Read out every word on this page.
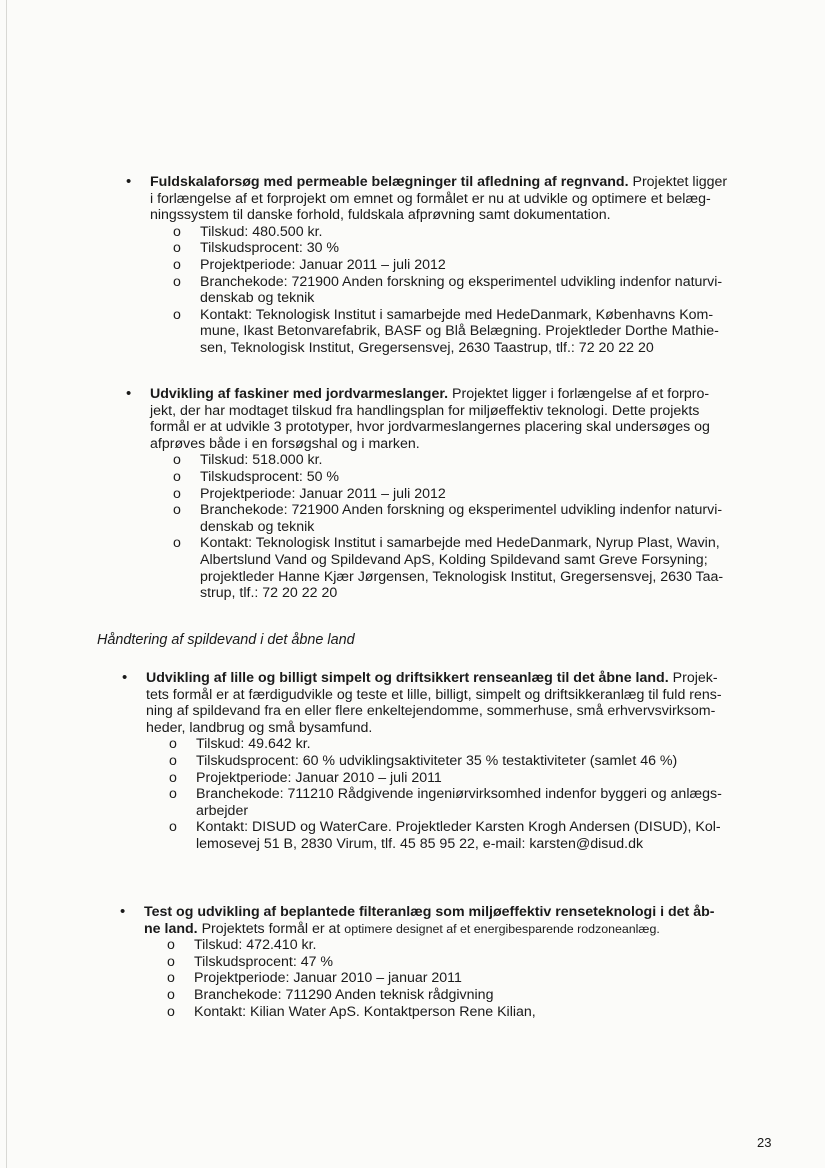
• Fuldskalaforsøg med permeable belægninger til afledning af regnvand. Projektet ligger
i forlængelse af et forprojekt om emnet og formålet er nu at udvikle og optimere et belæg-
ningssystem til danske forhold, fuldskala afprøvning samt dokumentation.

o Tilskud: 480.500 kr.
o Tilskudsprocent: 30 %
o Projektperiode: Januar 2011 – juli 2012
o Branchekode: 721900 Anden forskning og eksperimentel udvikling indenfor naturvi-
denskab og teknik
o Kontakt: Teknologisk Institut i samarbejde med HedeDanmark, Københavns Kom-
mune, Ikast Betonvarefabrik, BASF og Blå Belægning. Projektleder Dorthe Mathie-
sen, Teknologisk Institut, Gregersensvej, 2630 Taastrup, tlf.: 72 20 22 20
• Udvikling af faskiner med jordvarmeslanger. Projektet ligger i forlængelse af et forpro-
jekt, der har modtaget tilskud fra handlingsplan for miljøeffektiv teknologi. Dette projekts
formål er at udvikle 3 prototyper, hvor jordvarmeslangernes placering skal undersøges og
afprøves både i en forsøgshal og i marken.

o Tilskud: 518.000 kr.
o Tilskudsprocent: 50 %
o Projektperiode: Januar 2011 – juli 2012
o Branchekode: 721900 Anden forskning og eksperimentel udvikling indenfor naturvi-
denskab og teknik
o Kontakt: Teknologisk Institut i samarbejde med HedeDanmark, Nyrup Plast, Wavin,
Albertslund Vand og Spildevand ApS, Kolding Spildevand samt Greve Forsyning;
projektleder Hanne Kjær Jørgensen, Teknologisk Institut, Gregersensvej, 2630 Taa-
strup, tlf.: 72 20 22 20
Håndtering af spildevand i det åbne land
• Udvikling af lille og billigt simpelt og driftsikkert renseanlæg til det åbne land. Projek-
tets formål er at færdigudvikle og teste et lille, billigt, simpelt og driftsikkeranlæg til fuld rens-
ning af spildevand fra en eller flere enkeltejendomme, sommerhuse, små erhvervsvirksom-
heder, landbrug og små bysamfund.

o Tilskud: 49.642 kr.
o Tilskudsprocent: 60 % udviklingsaktiviteter 35 % testaktiviteter (samlet 46 %)
o Projektperiode: Januar 2010 – juli 2011
o Branchekode: 711210 Rådgivende ingeniørvirksomhed indenfor byggeri og anlægs-
arbejder
o Kontakt: DISUD og WaterCare. Projektleder Karsten Krogh Andersen (DISUD), Kol-
lemosevej 51 B, 2830 Virum, tlf. 45 85 95 22, e-mail: karsten@disud.dk
• Test og udvikling af beplantede filteranlæg som miljøeffektiv renseteknologi i det åb-
ne land. Projektets formål er at optimere designet af et energibesparende rodzoneanlæg.

o Tilskud: 472.410 kr.
o Tilskudsprocent: 47 %
o Projektperiode: Januar 2010 – januar 2011
o Branchekode: 711290 Anden teknisk rådgivning
o Kontakt: Kilian Water ApS. Kontaktperson Rene Kilian,
23
